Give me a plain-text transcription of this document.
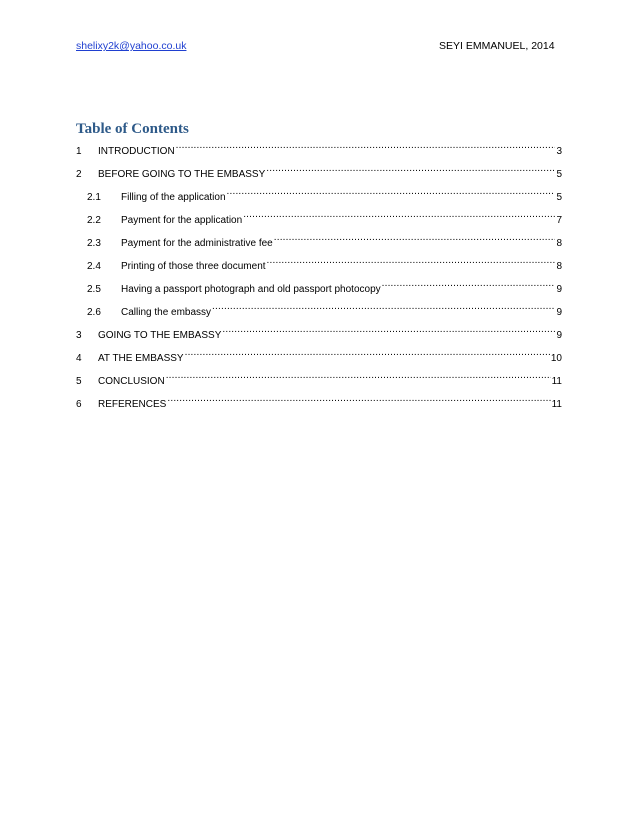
shelixy2k@yahoo.co.uk	SEYI EMMANUEL, 2014
Table of Contents
1	INTRODUCTION .....	3
2	BEFORE GOING TO THE EMBASSY .....	5
2.1	Filling of the application .....	5
2.2	Payment for the application .....	7
2.3	Payment for the administrative fee .....	8
2.4	Printing of those three document .....	8
2.5	Having a passport photograph and old passport photocopy .....	9
2.6	Calling the embassy .....	9
3	GOING TO THE EMBASSY .....	9
4	AT THE EMBASSY .....	10
5	CONCLUSION .....	11
6	REFERENCES .....	11
